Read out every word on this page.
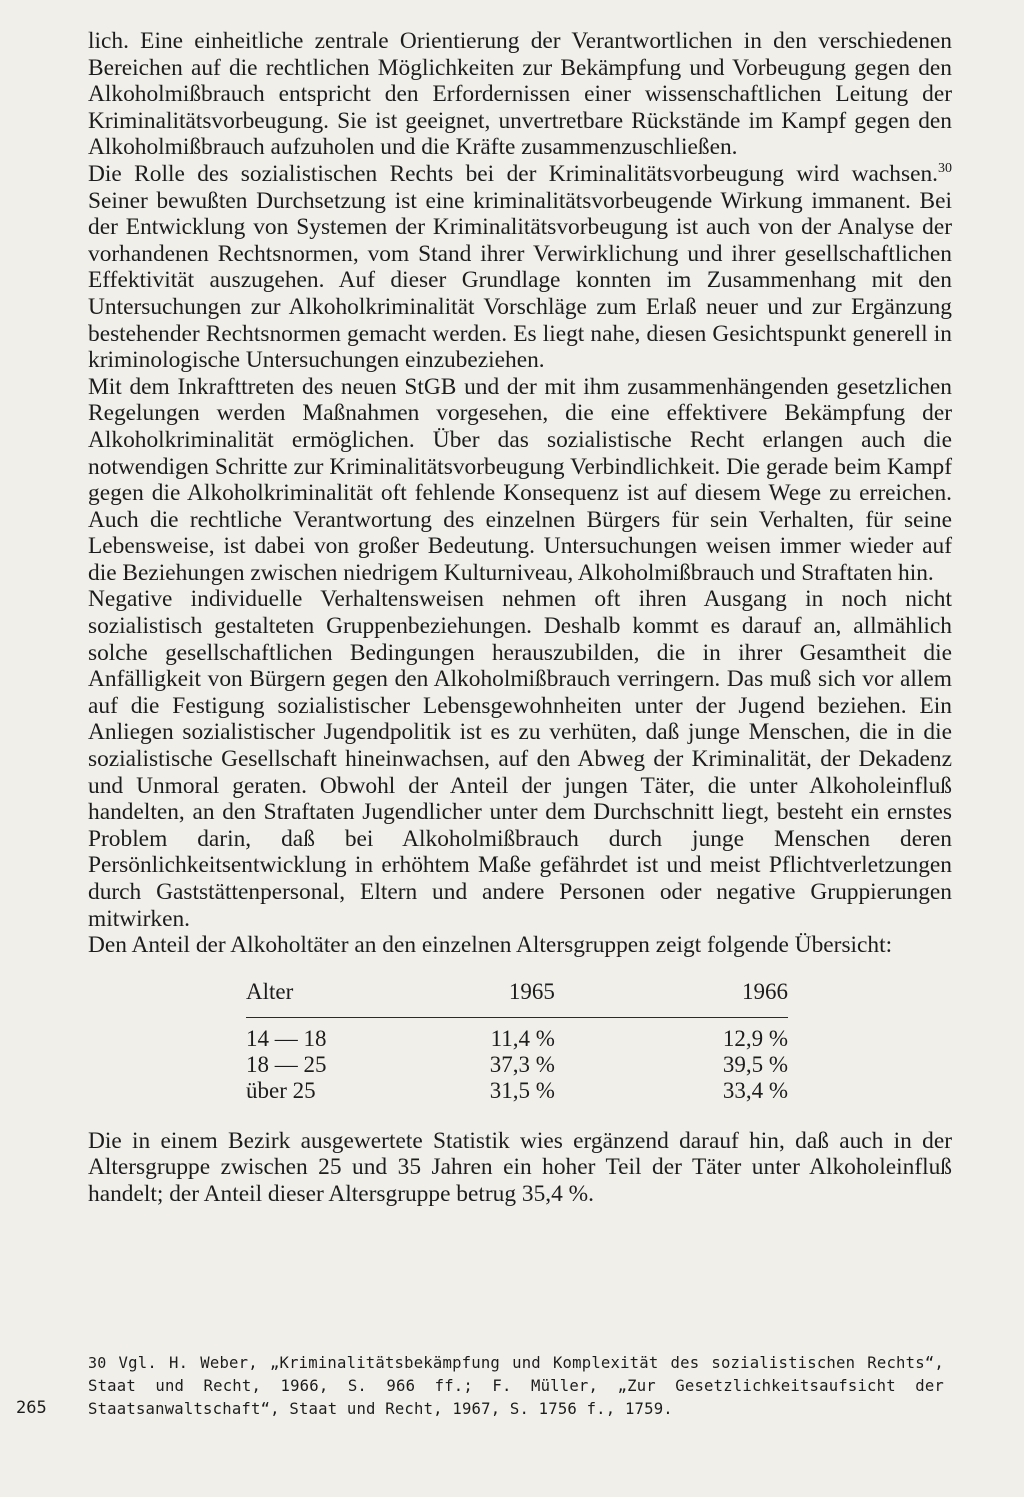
lich. Eine einheitliche zentrale Orientierung der Verantwortlichen in den verschiedenen Bereichen auf die rechtlichen Möglichkeiten zur Bekämpfung und Vorbeugung gegen den Alkoholmißbrauch entspricht den Erfordernissen einer wissenschaftlichen Leitung der Kriminalitätsvorbeugung. Sie ist geeignet, unvertretbare Rückstände im Kampf gegen den Alkoholmißbrauch aufzuholen und die Kräfte zusammenzuschließen.

Die Rolle des sozialistischen Rechts bei der Kriminalitätsvorbeugung wird wachsen.$^{30}$ Seiner bewußten Durchsetzung ist eine kriminalitätsvorbeugende Wirkung immanent. Bei der Entwicklung von Systemen der Kriminalitätsvorbeugung ist auch von der Analyse der vorhandenen Rechtsnormen, vom Stand ihrer Verwirklichung und ihrer gesellschaftlichen Effektivität auszugehen. Auf dieser Grundlage konnten im Zusammenhang mit den Untersuchungen zur Alkoholkriminalität Vorschläge zum Erlaß neuer und zur Ergänzung bestehender Rechtsnormen gemacht werden. Es liegt nahe, diesen Gesichtspunkt generell in kriminologische Untersuchungen einzubeziehen.

Mit dem Inkrafttreten des neuen StGB und der mit ihm zusammenhängenden gesetzlichen Regelungen werden Maßnahmen vorgesehen, die eine effektivere Bekämpfung der Alkoholkriminalität ermöglichen. Über das sozialistische Recht erlangen auch die notwendigen Schritte zur Kriminalitätsvorbeugung Verbindlichkeit. Die gerade beim Kampf gegen die Alkoholkriminalität oft fehlende Konsequenz ist auf diesem Wege zu erreichen. Auch die rechtliche Verantwortung des einzelnen Bürgers für sein Verhalten, für seine Lebensweise, ist dabei von großer Bedeutung. Untersuchungen weisen immer wieder auf die Beziehungen zwischen niedrigem Kulturniveau, Alkoholmißbrauch und Straftaten hin.

Negative individuelle Verhaltensweisen nehmen oft ihren Ausgang in noch nicht sozialistisch gestalteten Gruppenbeziehungen. Deshalb kommt es darauf an, allmählich solche gesellschaftlichen Bedingungen herauszubilden, die in ihrer Gesamtheit die Anfälligkeit von Bürgern gegen den Alkoholmißbrauch verringern. Das muß sich vor allem auf die Festigung sozialistischer Lebensgewohnheiten unter der Jugend beziehen. Ein Anliegen sozialistischer Jugendpolitik ist es zu verhüten, daß junge Menschen, die in die sozialistische Gesellschaft hineinwachsen, auf den Abweg der Kriminalität, der Dekadenz und Unmoral geraten. Obwohl der Anteil der jungen Täter, die unter Alkoholeinfluß handelten, an den Straftaten Jugendlicher unter dem Durchschnitt liegt, besteht ein ernstes Problem darin, daß bei Alkoholmißbrauch durch junge Menschen deren Persönlichkeitsentwicklung in erhöhtem Maße gefährdet ist und meist Pflichtverletzungen durch Gaststättenpersonal, Eltern und andere Personen oder negative Gruppierungen mitwirken.

Den Anteil der Alkoholtäter an den einzelnen Altersgruppen zeigt folgende Übersicht:

Alter	1965	1966
14 — 18	11,4 %	12,9 %
18 — 25	37,3 %	39,5 %
über 25	31,5 %	33,4 %

Die in einem Bezirk ausgewertete Statistik wies ergänzend darauf hin, daß auch in der Altersgruppe zwischen 25 und 35 Jahren ein hoher Teil der Täter unter Alkoholeinfluß handelt; der Anteil dieser Altersgruppe betrug 35,4 %.

30 Vgl. H. Weber, „Kriminalitätsbekämpfung und Komplexität des sozialistischen Rechts“, Staat und Recht, 1966, S. 966 ff.; F. Müller, „Zur Gesetzlichkeitsaufsicht der Staatsanwaltschaft“, Staat und Recht, 1967, S. 1756 f., 1759.
265
